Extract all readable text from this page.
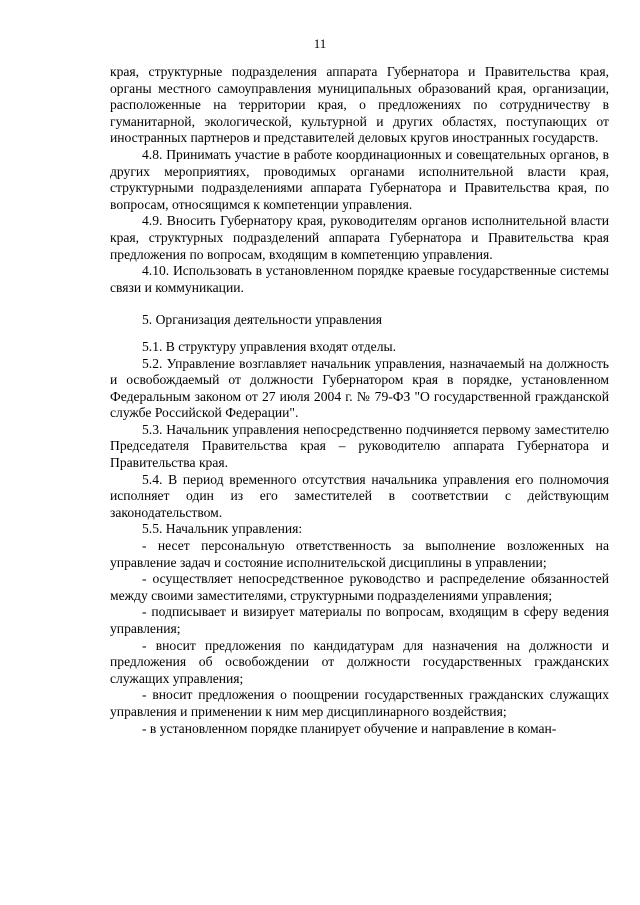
11

края, структурные подразделения аппарата Губернатора и Правительства края, органы местного самоуправления муниципальных образований края, организации, расположенные на территории края, о предложениях по сотрудничеству в гуманитарной, экологической, культурной и других областях, поступающих от иностранных партнеров и представителей деловых кругов иностранных государств.

4.8. Принимать участие в работе координационных и совещательных органов, в других мероприятиях, проводимых органами исполнительной власти края, структурными подразделениями аппарата Губернатора и Правительства края, по вопросам, относящимся к компетенции управления.

4.9. Вносить Губернатору края, руководителям органов исполнительной власти края, структурных подразделений аппарата Губернатора и Правительства края предложения по вопросам, входящим в компетенцию управления.

4.10. Использовать в установленном порядке краевые государственные системы связи и коммуникации.

5. Организация деятельности управления

5.1. В структуру управления входят отделы.

5.2. Управление возглавляет начальник управления, назначаемый на должность и освобождаемый от должности Губернатором края в порядке, установленном Федеральным законом от 27 июля 2004 г. № 79-ФЗ "О государственной гражданской службе Российской Федерации".

5.3. Начальник управления непосредственно подчиняется первому заместителю Председателя Правительства края – руководителю аппарата Губернатора и Правительства края.

5.4. В период временного отсутствия начальника управления его полномочия исполняет один из его заместителей в соответствии с действующим законодательством.

5.5. Начальник управления:

- несет персональную ответственность за выполнение возложенных на управление задач и состояние исполнительской дисциплины в управлении;

- осуществляет непосредственное руководство и распределение обязанностей между своими заместителями, структурными подразделениями управления;

- подписывает и визирует материалы по вопросам, входящим в сферу ведения управления;

- вносит предложения по кандидатурам для назначения на должности и предложения об освобождении от должности государственных гражданских служащих управления;

- вносит предложения о поощрении государственных гражданских служащих управления и применении к ним мер дисциплинарного воздействия;

- в установленном порядке планирует обучение и направление в коман-
